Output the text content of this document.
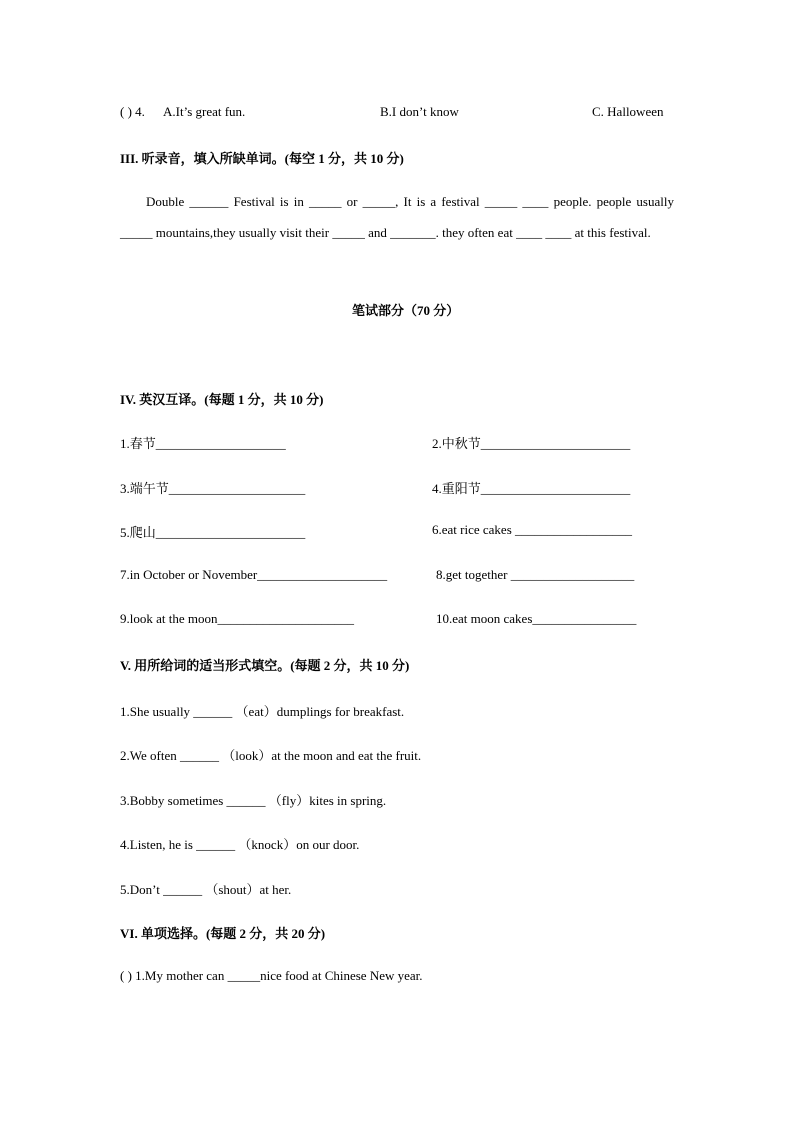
( ) 4. A.It’s great fun.	B.I don’t know	C. Halloween
III. 听录音，填入所缺单词。(每空 1 分，共 10 分)
Double ______ Festival is in _____ or _____, It is a festival _____ ____ people. people usually _____ mountains,they usually visit their _____ and _______. they often eat ____ ____ at this festival.
笔试部分（70 分）
IV. 英汉互译。(每题 1 分，共 10 分)
1.春节____________________	2.中秋节_______________________
3.端午节_____________________	4.重阳节_______________________
5.爬山_______________________	6.eat rice cakes __________________
7.in October or November____________________	8.get together ___________________
9.look at the moon_____________________	10.eat moon cakes________________
V. 用所给词的适当形式填空。(每题 2 分，共 10 分)
1.She usually ______ （eat）dumplings for breakfast.
2.We often ______ （look）at the moon and eat the fruit.
3.Bobby sometimes ______ （fly）kites in spring.
4.Listen, he is ______ （knock）on our door.
5.Don’t ______ （shout）at her.
VI. 单项选择。(每题 2 分，共 20 分)
( ) 1.My mother can _____nice food at Chinese New year.
